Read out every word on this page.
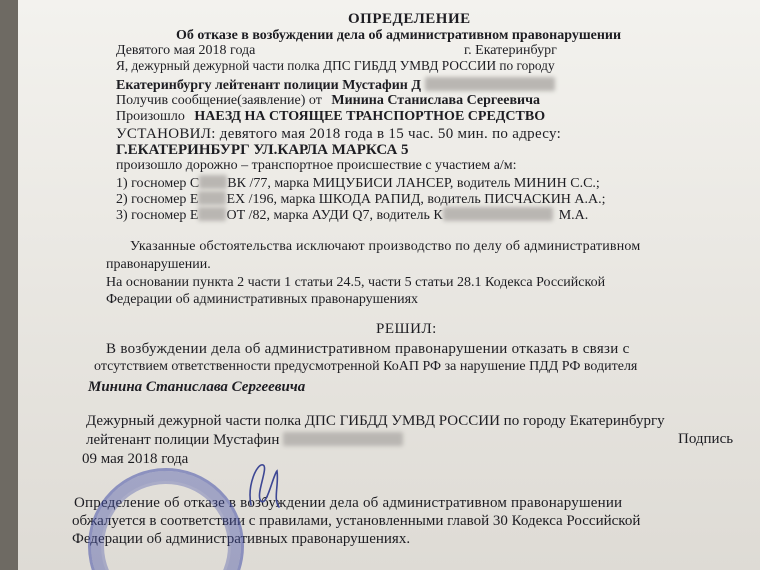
ОПРЕДЕЛЕНИЕ
Об отказе в возбуждении дела об административном правонарушении
Девятого мая 2018 года	г. Екатеринбург
Я, дежурный дежурной части полка ДПС ГИБДД УМВД РОССИИ по городу
Екатеринбургу лейтенант полиции Мустафин Д
Получив сообщение(заявление) от Минина Станислава Сергеевича
Произошло НАЕЗД НА СТОЯЩЕЕ ТРАНСПОРТНОЕ СРЕДСТВО
УСТАНОВИЛ: девятого мая 2018 года в 15 час. 50 мин. по адресу:
Г.ЕКАТЕРИНБУРГ УЛ.КАРЛА МАРКСА 5
произошло дорожно – транспортное происшествие с участием а/м:
1) госномер С ВК /77, марка МИЦУБИСИ ЛАНСЕР, водитель МИНИН С.С.;
2) госномер Е ЕХ /196, марка ШКОДА РАПИД, водитель ПИСЧАСКИН А.А.;
3) госномер Е ОТ /82, марка АУДИ Q7, водитель К	М.А.
Указанные обстоятельства исключают производство по делу об административном
правонарушении.
На основании пункта 2 части 1 статьи 24.5, части 5 статьи 28.1 Кодекса Российской
Федерации об административных правонарушениях
РЕШИЛ:
В возбуждении дела об административном правонарушении отказать в связи с
отсутствием ответственности предусмотренной КоАП РФ за нарушение ПДД РФ водителя
Минина Станислава Сергеевича
Дежурный дежурной части полка ДПС ГИБДД УМВД РОССИИ по городу Екатеринбургу
лейтенант полиции Мустафин	Подпись
09 мая 2018 года
Определение об отказе в возбуждении дела об административном правонарушении
обжалуется в соответствии с правилами, установленными главой 30 Кодекса Российской
Федерации об административных правонарушениях.
